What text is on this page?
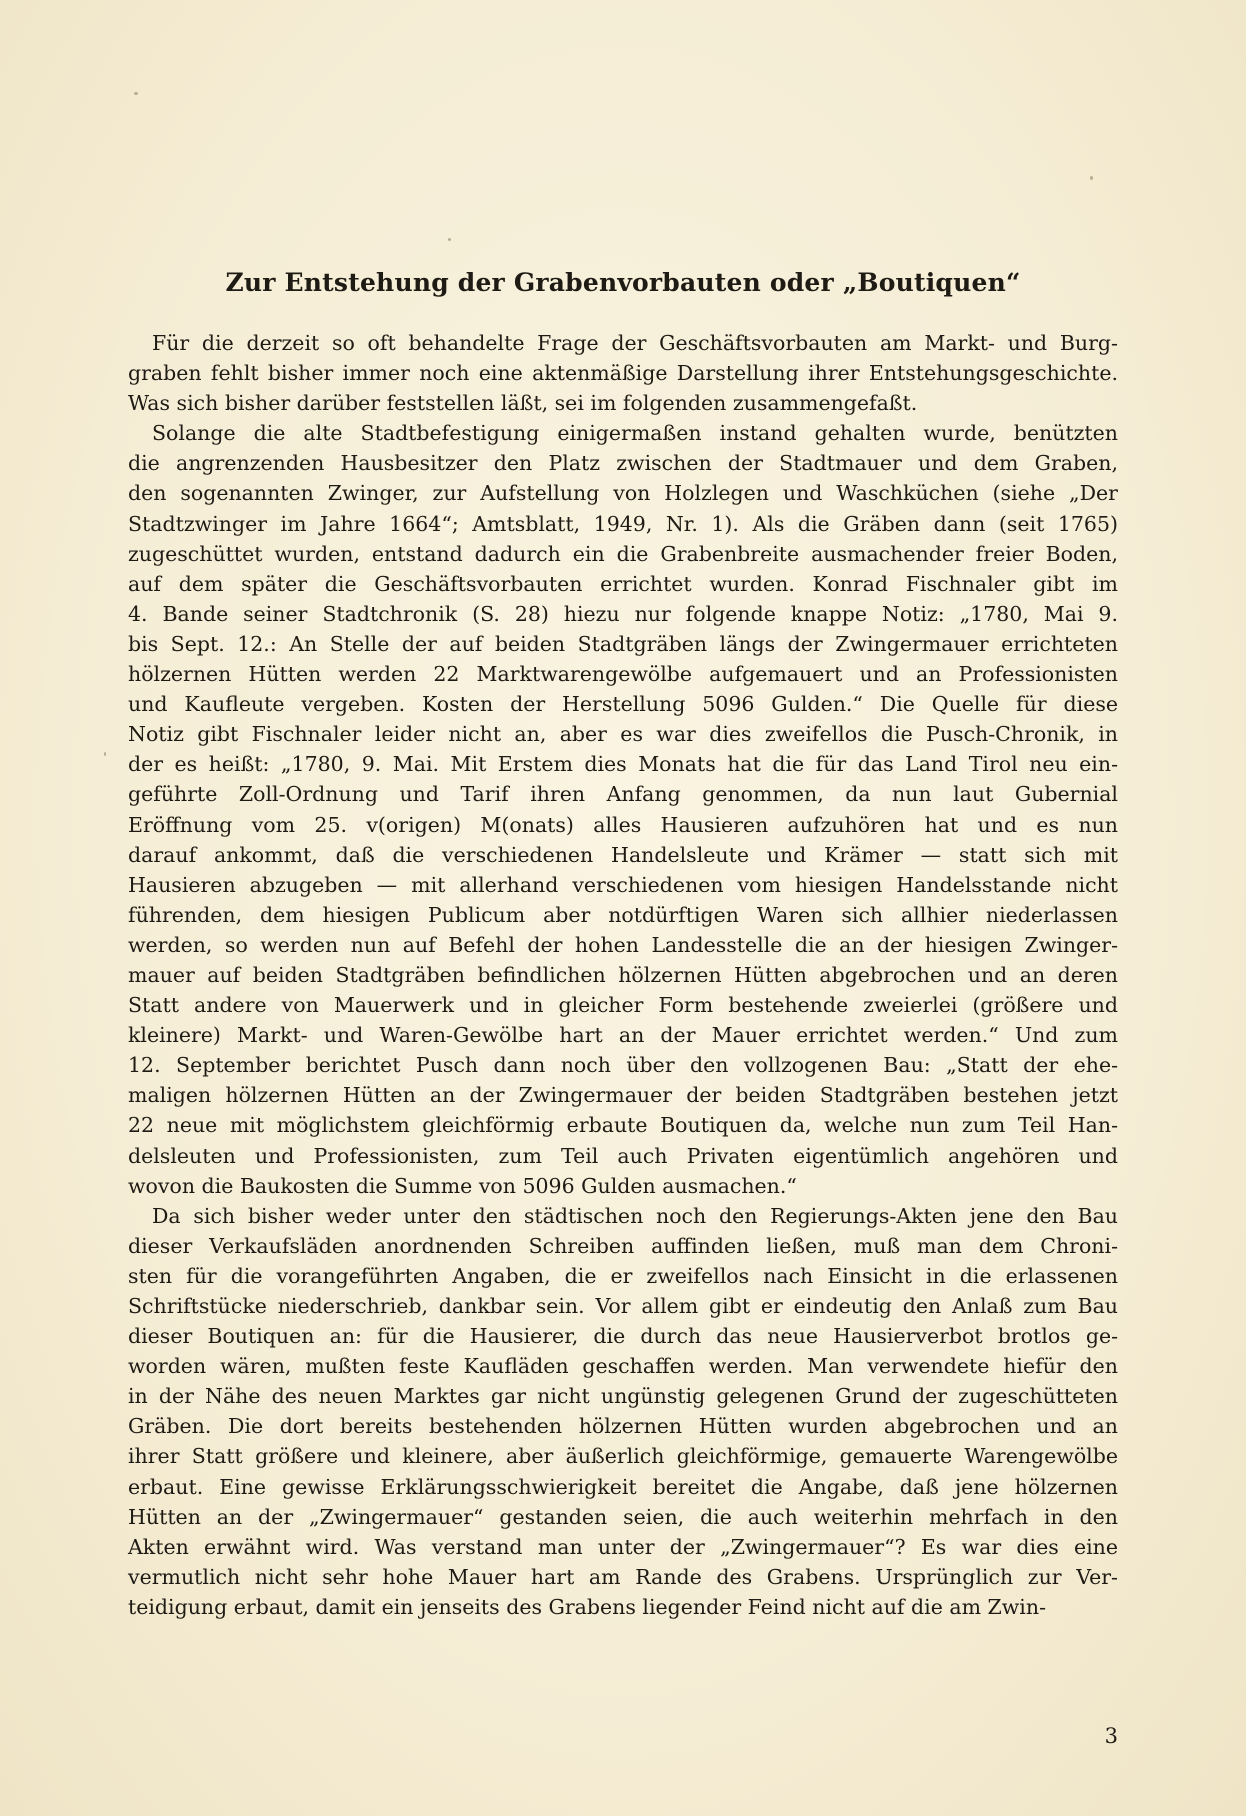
Zur Entstehung der Grabenvorbauten oder „Boutiquen“

Für die derzeit so oft behandelte Frage der Geschäftsvorbauten am Markt- und Burg-
graben fehlt bisher immer noch eine aktenmäßige Darstellung ihrer Entstehungsgeschichte.
Was sich bisher darüber feststellen läßt, sei im folgenden zusammengefaßt.

Solange die alte Stadtbefestigung einigermaßen instand gehalten wurde, benützten
die angrenzenden Hausbesitzer den Platz zwischen der Stadtmauer und dem Graben,
den sogenannten Zwinger, zur Aufstellung von Holzlegen und Waschküchen (siehe „Der
Stadtzwinger im Jahre 1664“; Amtsblatt, 1949, Nr. 1). Als die Gräben dann (seit 1765)
zugeschüttet wurden, entstand dadurch ein die Grabenbreite ausmachender freier Boden,
auf dem später die Geschäftsvorbauten errichtet wurden. Konrad Fischnaler gibt im
4. Bande seiner Stadtchronik (S. 28) hiezu nur folgende knappe Notiz: „1780, Mai 9.
bis Sept. 12.: An Stelle der auf beiden Stadtgräben längs der Zwingermauer errichteten
hölzernen Hütten werden 22 Marktwarengewölbe aufgemauert und an Professionisten
und Kaufleute vergeben. Kosten der Herstellung 5096 Gulden.“ Die Quelle für diese
Notiz gibt Fischnaler leider nicht an, aber es war dies zweifellos die Pusch-Chronik, in
der es heißt: „1780, 9. Mai. Mit Erstem dies Monats hat die für das Land Tirol neu ein-
geführte Zoll-Ordnung und Tarif ihren Anfang genommen, da nun laut Gubernial
Eröffnung vom 25. v(origen) M(onats) alles Hausieren aufzuhören hat und es nun
darauf ankommt, daß die verschiedenen Handelsleute und Krämer — statt sich mit
Hausieren abzugeben — mit allerhand verschiedenen vom hiesigen Handelsstande nicht
führenden, dem hiesigen Publicum aber notdürftigen Waren sich allhier niederlassen
werden, so werden nun auf Befehl der hohen Landesstelle die an der hiesigen Zwinger-
mauer auf beiden Stadtgräben befindlichen hölzernen Hütten abgebrochen und an deren
Statt andere von Mauerwerk und in gleicher Form bestehende zweierlei (größere und
kleinere) Markt- und Waren-Gewölbe hart an der Mauer errichtet werden.“ Und zum
12. September berichtet Pusch dann noch über den vollzogenen Bau: „Statt der ehe-
maligen hölzernen Hütten an der Zwingermauer der beiden Stadtgräben bestehen jetzt
22 neue mit möglichstem gleichförmig erbaute Boutiquen da, welche nun zum Teil Han-
delsleuten und Professionisten, zum Teil auch Privaten eigentümlich angehören und
wovon die Baukosten die Summe von 5096 Gulden ausmachen.“

Da sich bisher weder unter den städtischen noch den Regierungs-Akten jene den Bau
dieser Verkaufsläden anordnenden Schreiben auffinden ließen, muß man dem Chroni-
sten für die vorangeführten Angaben, die er zweifellos nach Einsicht in die erlassenen
Schriftstücke niederschrieb, dankbar sein. Vor allem gibt er eindeutig den Anlaß zum Bau
dieser Boutiquen an: für die Hausierer, die durch das neue Hausierverbot brotlos ge-
worden wären, mußten feste Kaufläden geschaffen werden. Man verwendete hiefür den
in der Nähe des neuen Marktes gar nicht ungünstig gelegenen Grund der zugeschütteten
Gräben. Die dort bereits bestehenden hölzernen Hütten wurden abgebrochen und an
ihrer Statt größere und kleinere, aber äußerlich gleichförmige, gemauerte Warengewölbe
erbaut. Eine gewisse Erklärungsschwierigkeit bereitet die Angabe, daß jene hölzernen
Hütten an der „Zwingermauer“ gestanden seien, die auch weiterhin mehrfach in den
Akten erwähnt wird. Was verstand man unter der „Zwingermauer“? Es war dies eine
vermutlich nicht sehr hohe Mauer hart am Rande des Grabens. Ursprünglich zur Ver-
teidigung erbaut, damit ein jenseits des Grabens liegender Feind nicht auf die am Zwin-

3
